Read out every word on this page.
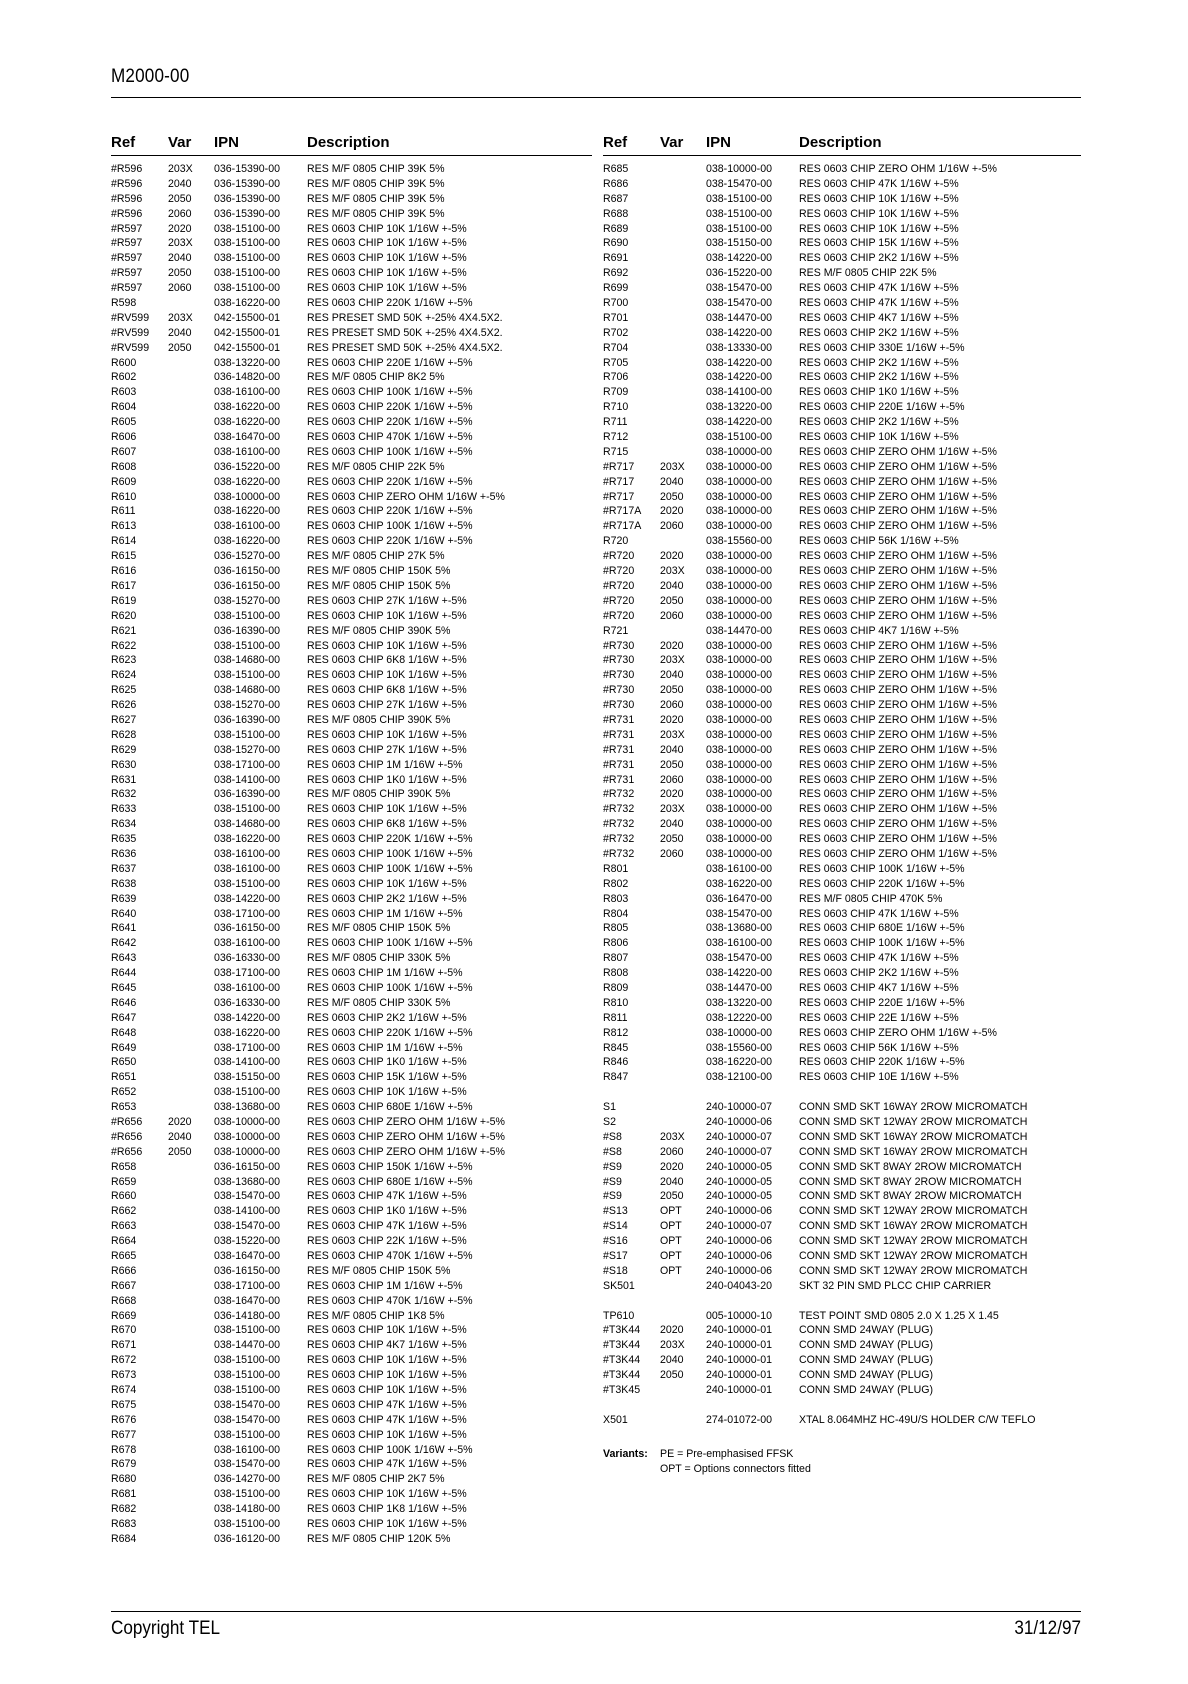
M2000-00
Ref Var IPN	Description
#R596 203X 036-15390-00	RES M/F 0805 CHIP 39K 5%
#R596 2040 036-15390-00	RES M/F 0805 CHIP 39K 5%
#R596 2050 036-15390-00	RES M/F 0805 CHIP 39K 5%
#R596 2060 036-15390-00	RES M/F 0805 CHIP 39K 5%
#R597 2020 038-15100-00	RES 0603 CHIP 10K 1/16W +-5%
#R597 203X 038-15100-00	RES 0603 CHIP 10K 1/16W +-5%
#R597 2040 038-15100-00	RES 0603 CHIP 10K 1/16W +-5%
#R597 2050 038-15100-00	RES 0603 CHIP 10K 1/16W +-5%
#R597 2060 038-15100-00	RES 0603 CHIP 10K 1/16W +-5%
R598	038-16220-00	RES 0603 CHIP 220K 1/16W +-5%
#RV599 203X 042-15500-01	RES PRESET SMD 50K +-25% 4X4.5X2.
#RV599 2040 042-15500-01	RES PRESET SMD 50K +-25% 4X4.5X2.
#RV599 2050 042-15500-01	RES PRESET SMD 50K +-25% 4X4.5X2.
R600	038-13220-00	RES 0603 CHIP 220E 1/16W +-5%
R602	036-14820-00	RES M/F 0805 CHIP 8K2 5%
R603	038-16100-00	RES 0603 CHIP 100K 1/16W +-5%
R604	038-16220-00	RES 0603 CHIP 220K 1/16W +-5%
R605	038-16220-00	RES 0603 CHIP 220K 1/16W +-5%
R606	038-16470-00	RES 0603 CHIP 470K 1/16W +-5%
R607	038-16100-00	RES 0603 CHIP 100K 1/16W +-5%
R608	036-15220-00	RES M/F 0805 CHIP 22K 5%
R609	038-16220-00	RES 0603 CHIP 220K 1/16W +-5%
R610	038-10000-00	RES 0603 CHIP ZERO OHM 1/16W +-5%
R611	038-16220-00	RES 0603 CHIP 220K 1/16W +-5%
R613	038-16100-00	RES 0603 CHIP 100K 1/16W +-5%
R614	038-16220-00	RES 0603 CHIP 220K 1/16W +-5%
R615	036-15270-00	RES M/F 0805 CHIP 27K 5%
R616	036-16150-00	RES M/F 0805 CHIP 150K 5%
R617	036-16150-00	RES M/F 0805 CHIP 150K 5%
R619	038-15270-00	RES 0603 CHIP 27K 1/16W +-5%
R620	038-15100-00	RES 0603 CHIP 10K 1/16W +-5%
R621	036-16390-00	RES M/F 0805 CHIP 390K 5%
R622	038-15100-00	RES 0603 CHIP 10K 1/16W +-5%
R623	038-14680-00	RES 0603 CHIP 6K8 1/16W +-5%
R624	038-15100-00	RES 0603 CHIP 10K 1/16W +-5%
R625	038-14680-00	RES 0603 CHIP 6K8 1/16W +-5%
R626	038-15270-00	RES 0603 CHIP 27K 1/16W +-5%
R627	036-16390-00	RES M/F 0805 CHIP 390K 5%
R628	038-15100-00	RES 0603 CHIP 10K 1/16W +-5%
R629	038-15270-00	RES 0603 CHIP 27K 1/16W +-5%
R630	038-17100-00	RES 0603 CHIP 1M 1/16W +-5%
R631	038-14100-00	RES 0603 CHIP 1K0 1/16W +-5%
R632	036-16390-00	RES M/F 0805 CHIP 390K 5%
R633	038-15100-00	RES 0603 CHIP 10K 1/16W +-5%
R634	038-14680-00	RES 0603 CHIP 6K8 1/16W +-5%
R635	038-16220-00	RES 0603 CHIP 220K 1/16W +-5%
R636	038-16100-00	RES 0603 CHIP 100K 1/16W +-5%
R637	038-16100-00	RES 0603 CHIP 100K 1/16W +-5%
R638	038-15100-00	RES 0603 CHIP 10K 1/16W +-5%
R639	038-14220-00	RES 0603 CHIP 2K2 1/16W +-5%
R640	038-17100-00	RES 0603 CHIP 1M 1/16W +-5%
R641	036-16150-00	RES M/F 0805 CHIP 150K 5%
R642	038-16100-00	RES 0603 CHIP 100K 1/16W +-5%
R643	036-16330-00	RES M/F 0805 CHIP 330K 5%
R644	038-17100-00	RES 0603 CHIP 1M 1/16W +-5%
R645	038-16100-00	RES 0603 CHIP 100K 1/16W +-5%
R646	036-16330-00	RES M/F 0805 CHIP 330K 5%
R647	038-14220-00	RES 0603 CHIP 2K2 1/16W +-5%
R648	038-16220-00	RES 0603 CHIP 220K 1/16W +-5%
R649	038-17100-00	RES 0603 CHIP 1M 1/16W +-5%
R650	038-14100-00	RES 0603 CHIP 1K0 1/16W +-5%
R651	038-15150-00	RES 0603 CHIP 15K 1/16W +-5%
R652	038-15100-00	RES 0603 CHIP 10K 1/16W +-5%
R653	038-13680-00	RES 0603 CHIP 680E 1/16W +-5%
#R656 2020 038-10000-00	RES 0603 CHIP ZERO OHM 1/16W +-5%
#R656 2040 038-10000-00	RES 0603 CHIP ZERO OHM 1/16W +-5%
#R656 2050 038-10000-00	RES 0603 CHIP ZERO OHM 1/16W +-5%
R658	036-16150-00	RES 0603 CHIP 150K 1/16W +-5%
R659	038-13680-00	RES 0603 CHIP 680E 1/16W +-5%
R660	038-15470-00	RES 0603 CHIP 47K 1/16W +-5%
R662	038-14100-00	RES 0603 CHIP 1K0 1/16W +-5%
R663	038-15470-00	RES 0603 CHIP 47K 1/16W +-5%
R664	038-15220-00	RES 0603 CHIP 22K 1/16W +-5%
R665	038-16470-00	RES 0603 CHIP 470K 1/16W +-5%
R666	036-16150-00	RES M/F 0805 CHIP 150K 5%
R667	038-17100-00	RES 0603 CHIP 1M 1/16W +-5%
R668	038-16470-00	RES 0603 CHIP 470K 1/16W +-5%
R669	036-14180-00	RES M/F 0805 CHIP 1K8 5%
R670	038-15100-00	RES 0603 CHIP 10K 1/16W +-5%
R671	038-14470-00	RES 0603 CHIP 4K7 1/16W +-5%
R672	038-15100-00	RES 0603 CHIP 10K 1/16W +-5%
R673	038-15100-00	RES 0603 CHIP 10K 1/16W +-5%
R674	038-15100-00	RES 0603 CHIP 10K 1/16W +-5%
R675	038-15470-00	RES 0603 CHIP 47K 1/16W +-5%
R676	038-15470-00	RES 0603 CHIP 47K 1/16W +-5%
R677	038-15100-00	RES 0603 CHIP 10K 1/16W +-5%
R678	038-16100-00	RES 0603 CHIP 100K 1/16W +-5%
R679	038-15470-00	RES 0603 CHIP 47K 1/16W +-5%
R680	036-14270-00	RES M/F 0805 CHIP 2K7 5%
R681	038-15100-00	RES 0603 CHIP 10K 1/16W +-5%
R682	038-14180-00	RES 0603 CHIP 1K8 1/16W +-5%
R683	038-15100-00	RES 0603 CHIP 10K 1/16W +-5%
R684	036-16120-00	RES M/F 0805 CHIP 120K 5%
Ref Var IPN	Description
R685	038-10000-00	RES 0603 CHIP ZERO OHM 1/16W +-5%
R686	038-15470-00	RES 0603 CHIP 47K 1/16W +-5%
R687	038-15100-00	RES 0603 CHIP 10K 1/16W +-5%
R688	038-15100-00	RES 0603 CHIP 10K 1/16W +-5%
R689	038-15100-00	RES 0603 CHIP 10K 1/16W +-5%
R690	038-15150-00	RES 0603 CHIP 15K 1/16W +-5%
R691	038-14220-00	RES 0603 CHIP 2K2 1/16W +-5%
R692	036-15220-00	RES M/F 0805 CHIP 22K 5%
R699	038-15470-00	RES 0603 CHIP 47K 1/16W +-5%
R700	038-15470-00	RES 0603 CHIP 47K 1/16W +-5%
R701	038-14470-00	RES 0603 CHIP 4K7 1/16W +-5%
R702	038-14220-00	RES 0603 CHIP 2K2 1/16W +-5%
R704	038-13330-00	RES 0603 CHIP 330E 1/16W +-5%
R705	038-14220-00	RES 0603 CHIP 2K2 1/16W +-5%
R706	038-14220-00	RES 0603 CHIP 2K2 1/16W +-5%
R709	038-14100-00	RES 0603 CHIP 1K0 1/16W +-5%
R710	038-13220-00	RES 0603 CHIP 220E 1/16W +-5%
R711	038-14220-00	RES 0603 CHIP 2K2 1/16W +-5%
R712	038-15100-00	RES 0603 CHIP 10K 1/16W +-5%
R715	038-10000-00	RES 0603 CHIP ZERO OHM 1/16W +-5%
#R717 203X 038-10000-00	RES 0603 CHIP ZERO OHM 1/16W +-5%
#R717 2040 038-10000-00	RES 0603 CHIP ZERO OHM 1/16W +-5%
#R717 2050 038-10000-00	RES 0603 CHIP ZERO OHM 1/16W +-5%
#R717A 2020 038-10000-00	RES 0603 CHIP ZERO OHM 1/16W +-5%
#R717A 2060 038-10000-00	RES 0603 CHIP ZERO OHM 1/16W +-5%
R720	038-15560-00	RES 0603 CHIP 56K 1/16W +-5%
#R720 2020 038-10000-00	RES 0603 CHIP ZERO OHM 1/16W +-5%
#R720 203X 038-10000-00	RES 0603 CHIP ZERO OHM 1/16W +-5%
#R720 2040 038-10000-00	RES 0603 CHIP ZERO OHM 1/16W +-5%
#R720 2050 038-10000-00	RES 0603 CHIP ZERO OHM 1/16W +-5%
#R720 2060 038-10000-00	RES 0603 CHIP ZERO OHM 1/16W +-5%
R721	038-14470-00	RES 0603 CHIP 4K7 1/16W +-5%
#R730 2020 038-10000-00	RES 0603 CHIP ZERO OHM 1/16W +-5%
#R730 203X 038-10000-00	RES 0603 CHIP ZERO OHM 1/16W +-5%
#R730 2040 038-10000-00	RES 0603 CHIP ZERO OHM 1/16W +-5%
#R730 2050 038-10000-00	RES 0603 CHIP ZERO OHM 1/16W +-5%
#R730 2060 038-10000-00	RES 0603 CHIP ZERO OHM 1/16W +-5%
#R731 2020 038-10000-00	RES 0603 CHIP ZERO OHM 1/16W +-5%
#R731 203X 038-10000-00	RES 0603 CHIP ZERO OHM 1/16W +-5%
#R731 2040 038-10000-00	RES 0603 CHIP ZERO OHM 1/16W +-5%
#R731 2050 038-10000-00	RES 0603 CHIP ZERO OHM 1/16W +-5%
#R731 2060 038-10000-00	RES 0603 CHIP ZERO OHM 1/16W +-5%
#R732 2020 038-10000-00	RES 0603 CHIP ZERO OHM 1/16W +-5%
#R732 203X 038-10000-00	RES 0603 CHIP ZERO OHM 1/16W +-5%
#R732 2040 038-10000-00	RES 0603 CHIP ZERO OHM 1/16W +-5%
#R732 2050 038-10000-00	RES 0603 CHIP ZERO OHM 1/16W +-5%
#R732 2060 038-10000-00	RES 0603 CHIP ZERO OHM 1/16W +-5%
R801	038-16100-00	RES 0603 CHIP 100K 1/16W +-5%
R802	038-16220-00	RES 0603 CHIP 220K 1/16W +-5%
R803	036-16470-00	RES M/F 0805 CHIP 470K 5%
R804	038-15470-00	RES 0603 CHIP 47K 1/16W +-5%
R805	038-13680-00	RES 0603 CHIP 680E 1/16W +-5%
R806	038-16100-00	RES 0603 CHIP 100K 1/16W +-5%
R807	038-15470-00	RES 0603 CHIP 47K 1/16W +-5%
R808	038-14220-00	RES 0603 CHIP 2K2 1/16W +-5%
R809	038-14470-00	RES 0603 CHIP 4K7 1/16W +-5%
R810	038-13220-00	RES 0603 CHIP 220E 1/16W +-5%
R811	038-12220-00	RES 0603 CHIP 22E 1/16W +-5%
R812	038-10000-00	RES 0603 CHIP ZERO OHM 1/16W +-5%
R845	038-15560-00	RES 0603 CHIP 56K 1/16W +-5%
R846	038-16220-00	RES 0603 CHIP 220K 1/16W +-5%
R847	038-12100-00	RES 0603 CHIP 10E 1/16W +-5%
S1	240-10000-07	CONN SMD SKT 16WAY 2ROW MICROMATCH
S2	240-10000-06	CONN SMD SKT 12WAY 2ROW MICROMATCH
#S8	203X 240-10000-07	CONN SMD SKT 16WAY 2ROW MICROMATCH
#S8	2060 240-10000-07	CONN SMD SKT 16WAY 2ROW MICROMATCH
#S9	2020 240-10000-05	CONN SMD SKT 8WAY 2ROW MICROMATCH
#S9	2040 240-10000-05	CONN SMD SKT 8WAY 2ROW MICROMATCH
#S9	2050 240-10000-05	CONN SMD SKT 8WAY 2ROW MICROMATCH
#S13	OPT 240-10000-06	CONN SMD SKT 12WAY 2ROW MICROMATCH
#S14	OPT 240-10000-07	CONN SMD SKT 16WAY 2ROW MICROMATCH
#S16	OPT 240-10000-06	CONN SMD SKT 12WAY 2ROW MICROMATCH
#S17	OPT 240-10000-06	CONN SMD SKT 12WAY 2ROW MICROMATCH
#S18	OPT 240-10000-06	CONN SMD SKT 12WAY 2ROW MICROMATCH
SK501	240-04043-20	SKT 32 PIN SMD PLCC CHIP CARRIER
TP610	005-10000-10	TEST POINT SMD 0805 2.0 X 1.25 X 1.45
#T3K44 2020 240-10000-01	CONN SMD 24WAY (PLUG)
#T3K44 203X 240-10000-01	CONN SMD 24WAY (PLUG)
#T3K44 2040 240-10000-01	CONN SMD 24WAY (PLUG)
#T3K44 2050 240-10000-01	CONN SMD 24WAY (PLUG)
#T3K45	240-10000-01	CONN SMD 24WAY (PLUG)
X501	274-01072-00	XTAL 8.064MHZ HC-49U/S HOLDER C/W TEFLO
Variants: PE = Pre-emphasised FFSK
OPT = Options connectors fitted
Copyright TEL	31/12/97
